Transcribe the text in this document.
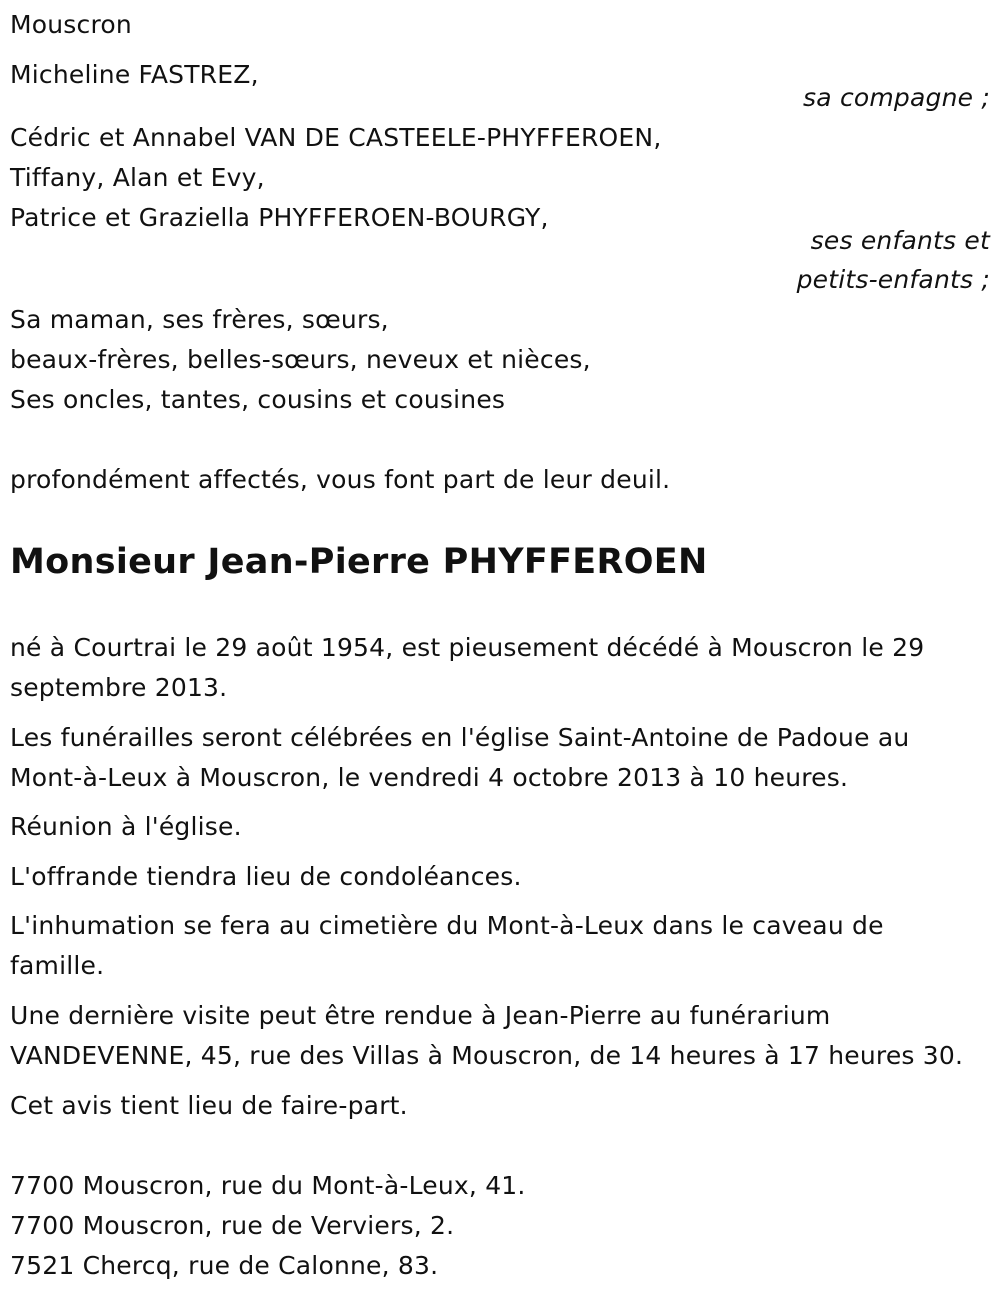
Mouscron
Micheline FASTREZ,
sa compagne ;
Cédric et Annabel VAN DE CASTEELE-PHYFFEROEN,
Tiffany, Alan et Evy,
Patrice et Graziella PHYFFEROEN-BOURGY,
ses enfants et
petits-enfants ;
Sa maman, ses frères, sœurs,
beaux-frères, belles-sœurs, neveux et nièces,
Ses oncles, tantes, cousins et cousines
profondément affectés, vous font part de leur deuil.
Monsieur Jean-Pierre PHYFFEROEN
né à Courtrai le 29 août 1954, est pieusement décédé à Mouscron le 29
septembre 2013.
Les funérailles seront célébrées en l'église Saint-Antoine de Padoue au
Mont-à-Leux à Mouscron, le vendredi 4 octobre 2013 à 10 heures.
Réunion à l'église.
L'offrande tiendra lieu de condoléances.
L'inhumation se fera au cimetière du Mont-à-Leux dans le caveau de
famille.
Une dernière visite peut être rendue à Jean-Pierre au funérarium
VANDEVENNE, 45, rue des Villas à Mouscron, de 14 heures à 17 heures 30.
Cet avis tient lieu de faire-part.
7700 Mouscron, rue du Mont-à-Leux, 41.
7700 Mouscron, rue de Verviers, 2.
7521 Chercq, rue de Calonne, 83.
